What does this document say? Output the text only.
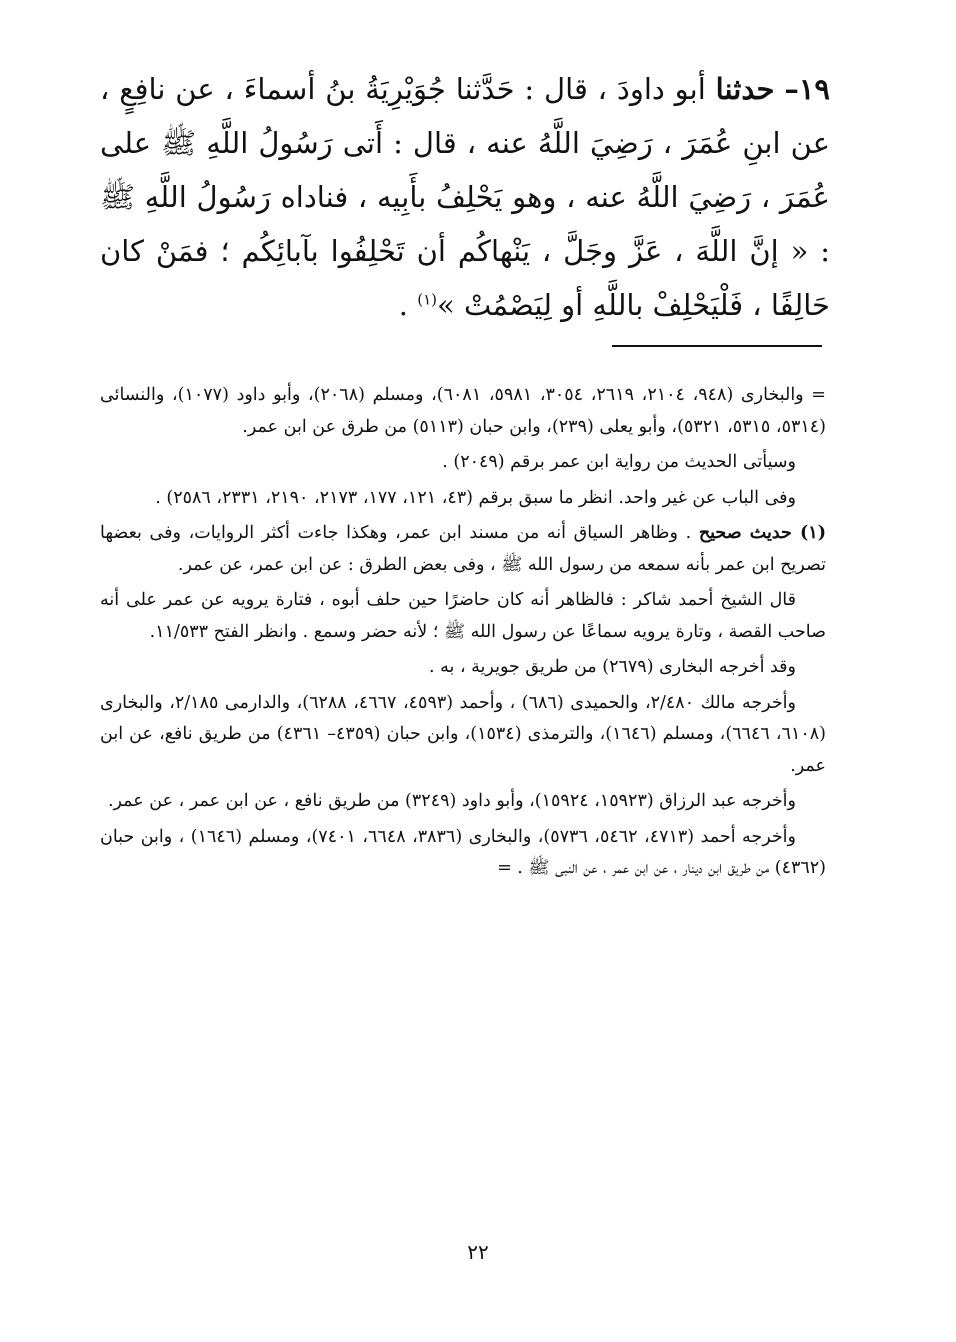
١٩– حدثنا أبو داودَ ، قال : حَدَّثنا جُوَيْرِيَةُ بنُ أسماءَ ، عن نافِعٍ ، عن ابنِ عُمَرَ ، رَضِيَ اللَّهُ عنه ، قال : أَتى رَسُولُ اللَّهِ ﷺ على عُمَرَ ، رَضِيَ اللَّهُ عنه ، وهو يَحْلِفُ بأَبِيه ، فناداه رَسُولُ اللَّهِ ﷺ : « إنَّ اللَّهَ ، عَزَّ وجَلَّ ، يَنْهاكُم أن تَحْلِفُوا بآبائِكُم ؛ فمَنْ كان حَالِفًا ، فَلْيَحْلِفْ باللَّهِ أو لِيَصْمُتْ »$^{(١)}$ .

= والبخارى (٩٤٨، ٢١٠٤، ٢٦١٩، ٣٠٥٤، ٥٩٨١، ٦٠٨١)، ومسلم (٢٠٦٨)، وأبو داود (١٠٧٧)، والنسائى (٥٣١٤، ٥٣١٥، ٥٣٢١)، وأبو يعلى (٢٣٩)، وابن حبان (٥١١٣) من طرق عن ابن عمر.

وسيأتى الحديث من رواية ابن عمر برقم (٢٠٤٩) .

وفى الباب عن غير واحد. انظر ما سبق برقم (٤٣، ١٢١، ١٧٧، ٢١٧٣، ٢١٩٠، ٢٣٣١، ٢٥٨٦) .

(١) حديث صحيح . وظاهر السياق أنه من مسند ابن عمر، وهكذا جاءت أكثر الروايات، وفى بعضها تصريح ابن عمر بأنه سمعه من رسول الله ﷺ ، وفى بعض الطرق : عن ابن عمر، عن عمر.

قال الشيخ أحمد شاكر : فالظاهر أنه كان حاضرًا حين حلف أبوه ، فتارة يرويه عن عمر على أنه صاحب القصة ، وتارة يرويه سماعًا عن رسول الله ﷺ ؛ لأنه حضر وسمع . وانظر الفتح ١١/٥٣٣.

وقد أخرجه البخارى (٢٦٧٩) من طريق جويرية ، به .

وأخرجه مالك ٢/٤٨٠، والحميدى (٦٨٦) ، وأحمد (٤٥٩٣، ٤٦٦٧، ٦٢٨٨)، والدارمى ٢/١٨٥، والبخارى (٦١٠٨، ٦٦٤٦)، ومسلم (١٦٤٦)، والترمذى (١٥٣٤)، وابن حبان (٤٣٥٩– ٤٣٦١) من طريق نافع، عن ابن عمر.

وأخرجه عبد الرزاق (١٥٩٢٣، ١٥٩٢٤)، وأبو داود (٣٢٤٩) من طريق نافع ، عن ابن عمر ، عن عمر.

وأخرجه أحمد (٤٧١٣، ٥٤٦٢، ٥٧٣٦)، والبخارى (٣٨٣٦، ٦٦٤٨، ٧٤٠١)، ومسلم (١٦٤٦) ، وابن حبان (٤٣٦٢) من طريق ابن دينار ، عن ابن عمر ، عن النبى ﷺ . =

٢٢
